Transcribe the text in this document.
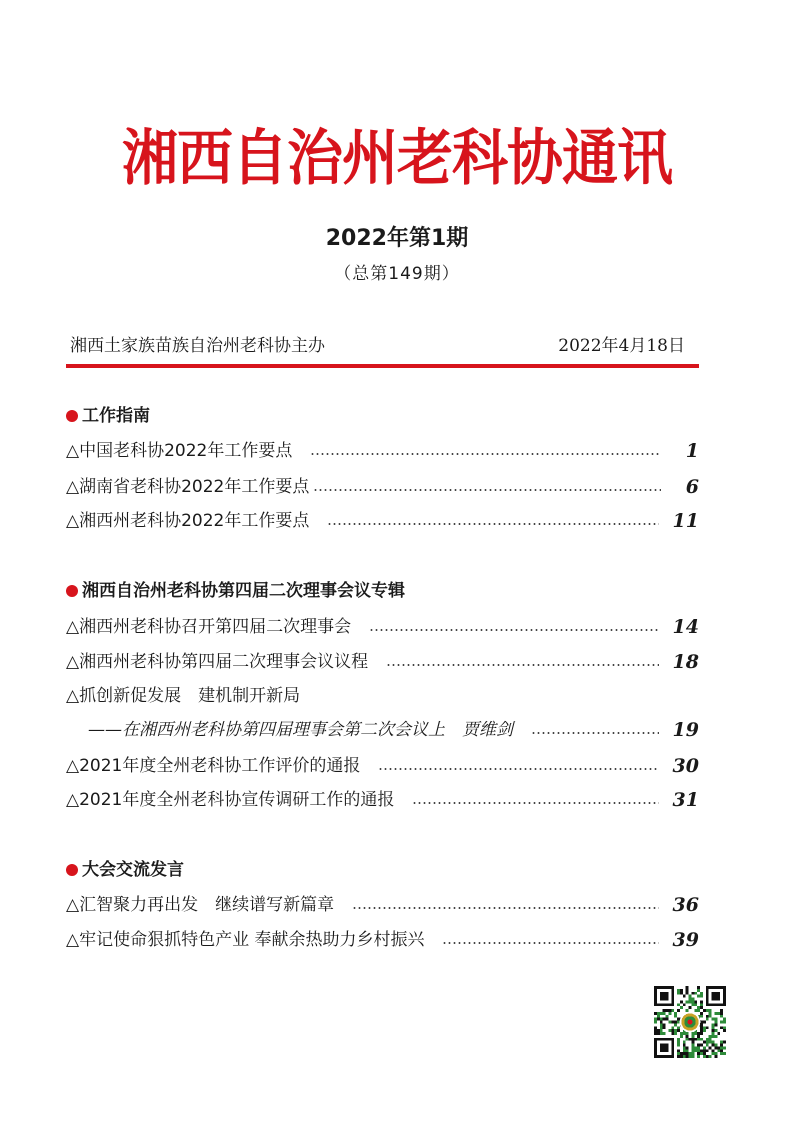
湘西自治州老科协通讯
2022年第1期
（总第149期）
湘西土家族苗族自治州老科协主办	2022年4月18日
工作指南
△中国老科协2022年工作要点	1
△湖南省老科协2022年工作要点	6
△湘西州老科协2022年工作要点	11
湘西自治州老科协第四届二次理事会议专辑
△湘西州老科协召开第四届二次理事会	14
△湘西州老科协第四届二次理事会议议程	18
△抓创新促发展　建机制开新局
——在湘西州老科协第四届理事会第二次会议上　贾维剑	19
△2021年度全州老科协工作评价的通报	30
△2021年度全州老科协宣传调研工作的通报	31
大会交流发言
△汇智聚力再出发　继续谱写新篇章	36
△牢记使命狠抓特色产业 奉献余热助力乡村振兴	39
